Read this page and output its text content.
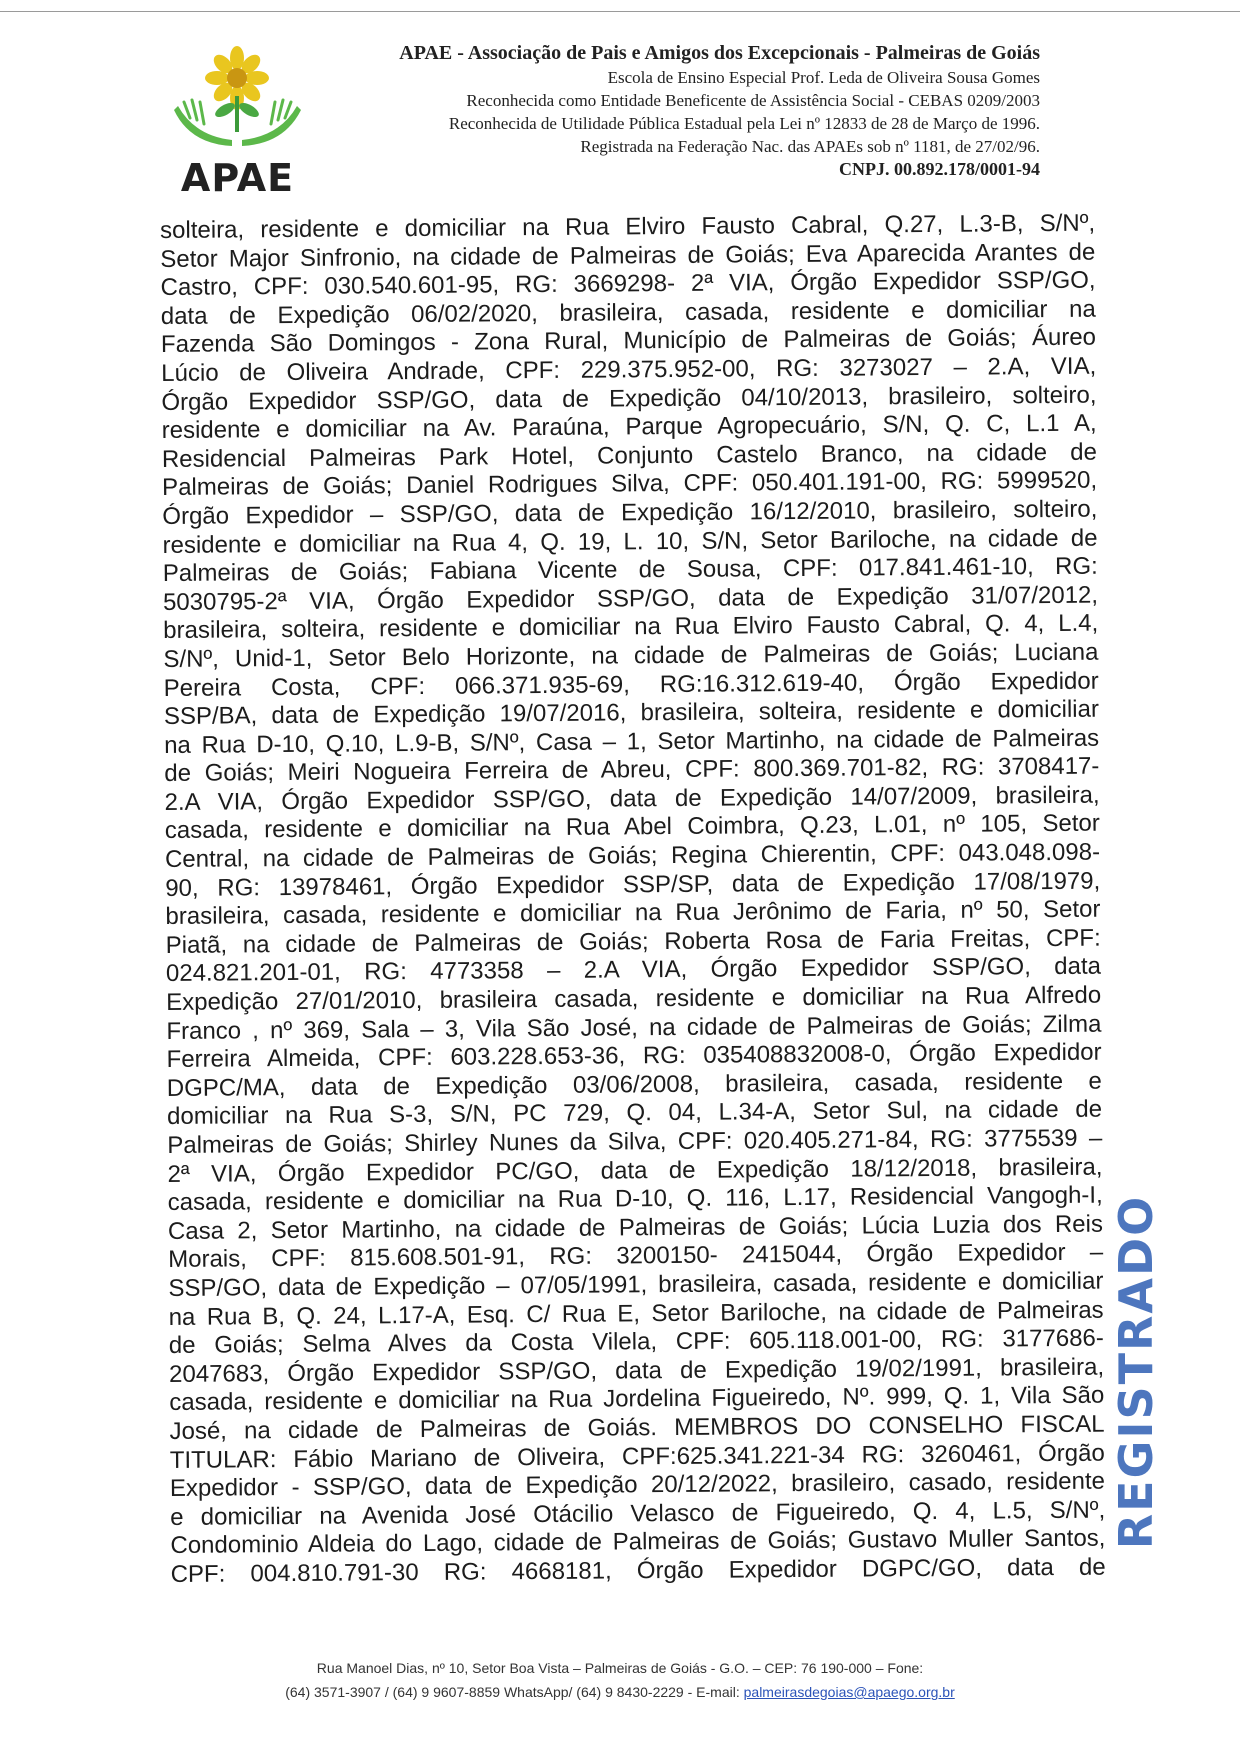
APAE
APAE - Associação de Pais e Amigos dos Excepcionais - Palmeiras de Goiás
Escola de Ensino Especial Prof. Leda de Oliveira Sousa Gomes
Reconhecida como Entidade Beneficente de Assistência Social - CEBAS 0209/2003
Reconhecida de Utilidade Pública Estadual pela Lei nº 12833 de 28 de Março de 1996.
Registrada na Federação Nac. das APAEs sob nº 1181, de 27/02/96.
CNPJ. 00.892.178/0001-94
solteira, residente e domiciliar na Rua Elviro Fausto Cabral, Q.27, L.3-B, S/Nº,
Setor Major Sinfronio, na cidade de Palmeiras de Goiás; Eva Aparecida Arantes de
Castro, CPF: 030.540.601-95, RG: 3669298- 2ª VIA, Órgão Expedidor SSP/GO,
data de Expedição 06/02/2020, brasileira, casada, residente e domiciliar na
Fazenda São Domingos - Zona Rural, Município de Palmeiras de Goiás; Áureo
Lúcio de Oliveira Andrade, CPF: 229.375.952-00, RG: 3273027 – 2.A, VIA,
Órgão Expedidor SSP/GO, data de Expedição 04/10/2013, brasileiro, solteiro,
residente e domiciliar na Av. Paraúna, Parque Agropecuário, S/N, Q. C, L.1 A,
Residencial Palmeiras Park Hotel, Conjunto Castelo Branco, na cidade de
Palmeiras de Goiás; Daniel Rodrigues Silva, CPF: 050.401.191-00, RG: 5999520,
Órgão Expedidor – SSP/GO, data de Expedição 16/12/2010, brasileiro, solteiro,
residente e domiciliar na Rua 4, Q. 19, L. 10, S/N, Setor Bariloche, na cidade de
Palmeiras de Goiás; Fabiana Vicente de Sousa, CPF: 017.841.461-10, RG:
5030795-2ª VIA, Órgão Expedidor SSP/GO, data de Expedição 31/07/2012,
brasileira, solteira, residente e domiciliar na Rua Elviro Fausto Cabral, Q. 4, L.4,
S/Nº, Unid-1, Setor Belo Horizonte, na cidade de Palmeiras de Goiás; Luciana
Pereira Costa, CPF: 066.371.935-69, RG:16.312.619-40, Órgão Expedidor
SSP/BA, data de Expedição 19/07/2016, brasileira, solteira, residente e domiciliar
na Rua D-10, Q.10, L.9-B, S/Nº, Casa – 1, Setor Martinho, na cidade de Palmeiras
de Goiás; Meiri Nogueira Ferreira de Abreu, CPF: 800.369.701-82, RG: 3708417-
2.A VIA, Órgão Expedidor SSP/GO, data de Expedição 14/07/2009, brasileira,
casada, residente e domiciliar na Rua Abel Coimbra, Q.23, L.01, nº 105, Setor
Central, na cidade de Palmeiras de Goiás; Regina Chierentin, CPF: 043.048.098-
90, RG: 13978461, Órgão Expedidor SSP/SP, data de Expedição 17/08/1979,
brasileira, casada, residente e domiciliar na Rua Jerônimo de Faria, nº 50, Setor
Piatã, na cidade de Palmeiras de Goiás; Roberta Rosa de Faria Freitas, CPF:
024.821.201-01, RG: 4773358 – 2.A VIA, Órgão Expedidor SSP/GO, data
Expedição 27/01/2010, brasileira casada, residente e domiciliar na Rua Alfredo
Franco , nº 369, Sala – 3, Vila São José, na cidade de Palmeiras de Goiás; Zilma
Ferreira Almeida, CPF: 603.228.653-36, RG: 035408832008-0, Órgão Expedidor
DGPC/MA, data de Expedição 03/06/2008, brasileira, casada, residente e
domiciliar na Rua S-3, S/N, PC 729, Q. 04, L.34-A, Setor Sul, na cidade de
Palmeiras de Goiás; Shirley Nunes da Silva, CPF: 020.405.271-84, RG: 3775539 –
2ª VIA, Órgão Expedidor PC/GO, data de Expedição 18/12/2018, brasileira,
casada, residente e domiciliar na Rua D-10, Q. 116, L.17, Residencial Vangogh-I,
Casa 2, Setor Martinho, na cidade de Palmeiras de Goiás; Lúcia Luzia dos Reis
Morais, CPF: 815.608.501-91, RG: 3200150- 2415044, Órgão Expedidor –
SSP/GO, data de Expedição – 07/05/1991, brasileira, casada, residente e domiciliar
na Rua B, Q. 24, L.17-A, Esq. C/ Rua E, Setor Bariloche, na cidade de Palmeiras
de Goiás; Selma Alves da Costa Vilela, CPF: 605.118.001-00, RG: 3177686-
2047683, Órgão Expedidor SSP/GO, data de Expedição 19/02/1991, brasileira,
casada, residente e domiciliar na Rua Jordelina Figueiredo, Nº. 999, Q. 1, Vila São
José, na cidade de Palmeiras de Goiás. MEMBROS DO CONSELHO FISCAL
TITULAR: Fábio Mariano de Oliveira, CPF:625.341.221-34 RG: 3260461, Órgão
Expedidor - SSP/GO, data de Expedição 20/12/2022, brasileiro, casado, residente
e domiciliar na Avenida José Otácilio Velasco de Figueiredo, Q. 4, L.5, S/Nº,
Condominio Aldeia do Lago, cidade de Palmeiras de Goiás; Gustavo Muller Santos,
CPF: 004.810.791-30 RG: 4668181, Órgão Expedidor DGPC/GO, data de
REGISTRADO
Rua Manoel Dias, nº 10, Setor Boa Vista – Palmeiras de Goiás - G.O. – CEP: 76 190-000 – Fone:
(64) 3571-3907 / (64) 9 9607-8859 WhatsApp/ (64) 9 8430-2229 - E-mail: palmeirasdegoias@apaego.org.br
